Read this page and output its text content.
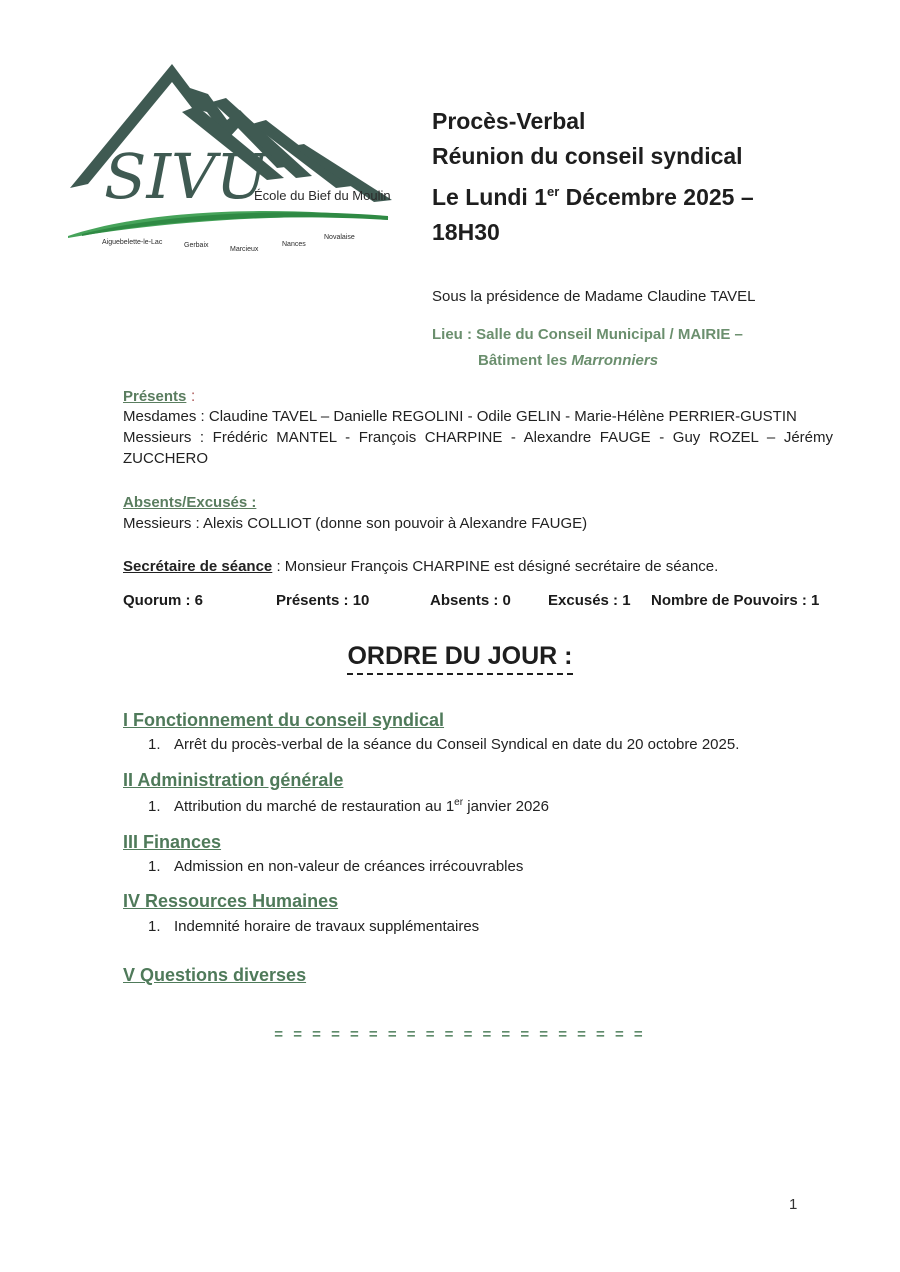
SIVU
École du Bief du Moulin
Aiguebelette-le-Lac	Gerbaix
Marcieux
Nances
Novalaise
Procès-Verbal
Réunion du conseil syndical
Le Lundi 1er Décembre 2025 –
18H30
Sous la présidence de Madame Claudine TAVEL
Lieu : Salle du Conseil Municipal / MAIRIE –
Bâtiment les Marronniers
Présents :
Mesdames : Claudine TAVEL – Danielle REGOLINI - Odile GELIN - Marie-Hélène PERRIER-GUSTIN
Messieurs : Frédéric MANTEL - François CHARPINE - Alexandre FAUGE - Guy ROZEL – Jérémy
ZUCCHERO
Absents/Excusés :
Messieurs : Alexis COLLIOT (donne son pouvoir à Alexandre FAUGE)
Secrétaire de séance : Monsieur François CHARPINE est désigné secrétaire de séance.
Quorum : 6	Présents : 10	Absents : 0 Excusés : 1 Nombre de Pouvoirs : 1
ORDRE DU JOUR :
I Fonctionnement du conseil syndical
1. Arrêt du procès-verbal de la séance du Conseil Syndical en date du 20 octobre 2025.
II Administration générale
1. Attribution du marché de restauration au 1er janvier 2026
III Finances
1. Admission en non-valeur de créances irrécouvrables
IV Ressources Humaines
1. Indemnité horaire de travaux supplémentaires
V Questions diverses
= = = = = = = = = = = = = = = = = = = =
1
